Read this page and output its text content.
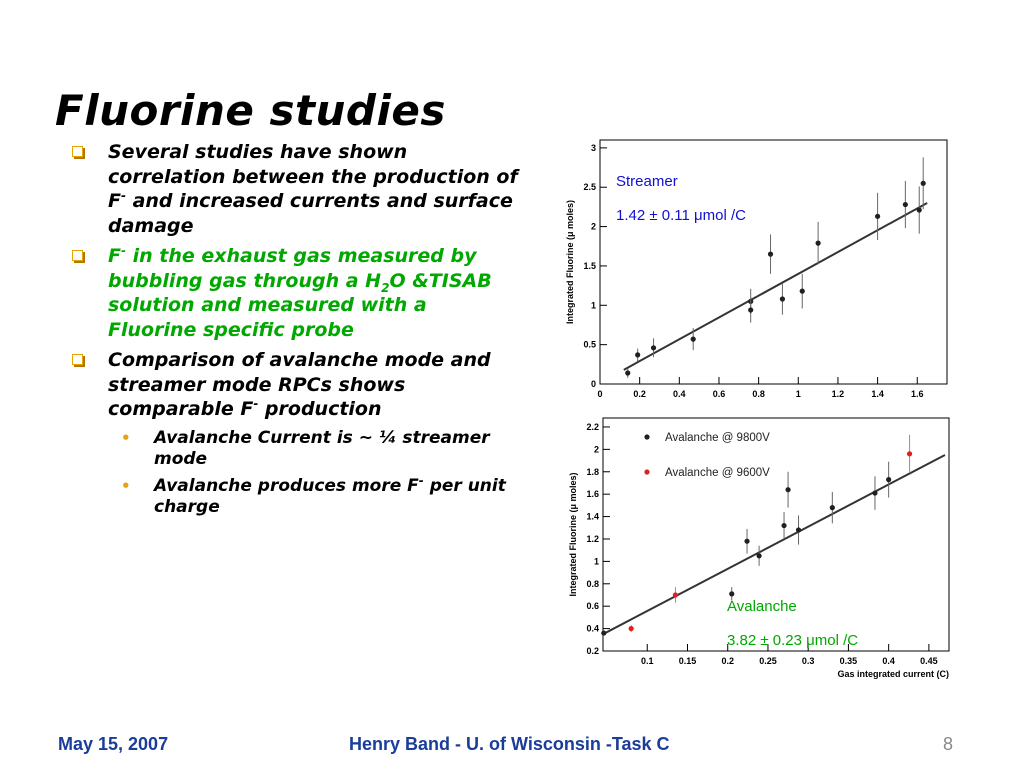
Fluorine studies
Several studies have shown correlation between the production of F- and increased currents and surface damage
F- in the exhaust gas measured by bubbling gas through a $H_2O$ &TISAB solution and measured with a Fluorine specific probe
Comparison of avalanche mode and streamer mode RPCs shows comparable F- production
• Avalanche Current is ~ ¼ streamer mode
• Avalanche produces more F- per unit charge
0	0.2	0.4	0.6	0.8	1	1.2	1.4	1.6
0
0.5
1
1.5
2
2.5
3
Integrated Fluorine (μ moles)
Streamer
1.42 ± 0.11 μmol /C
0.1	0.15	0.2	0.25	0.3	0.35	0.4	0.45
0.2
0.4
0.6
0.8
1
1.2
1.4
1.6
1.8
2
2.2
Integrated Fluorine (μ moles)
Gas integrated current (C)
Avalanche @ 9800V
Avalanche @ 9600V
Avalanche
3.82 ± 0.23 μmol /C
May 15, 2007	Henry Band - U. of Wisconsin -Task C	8
